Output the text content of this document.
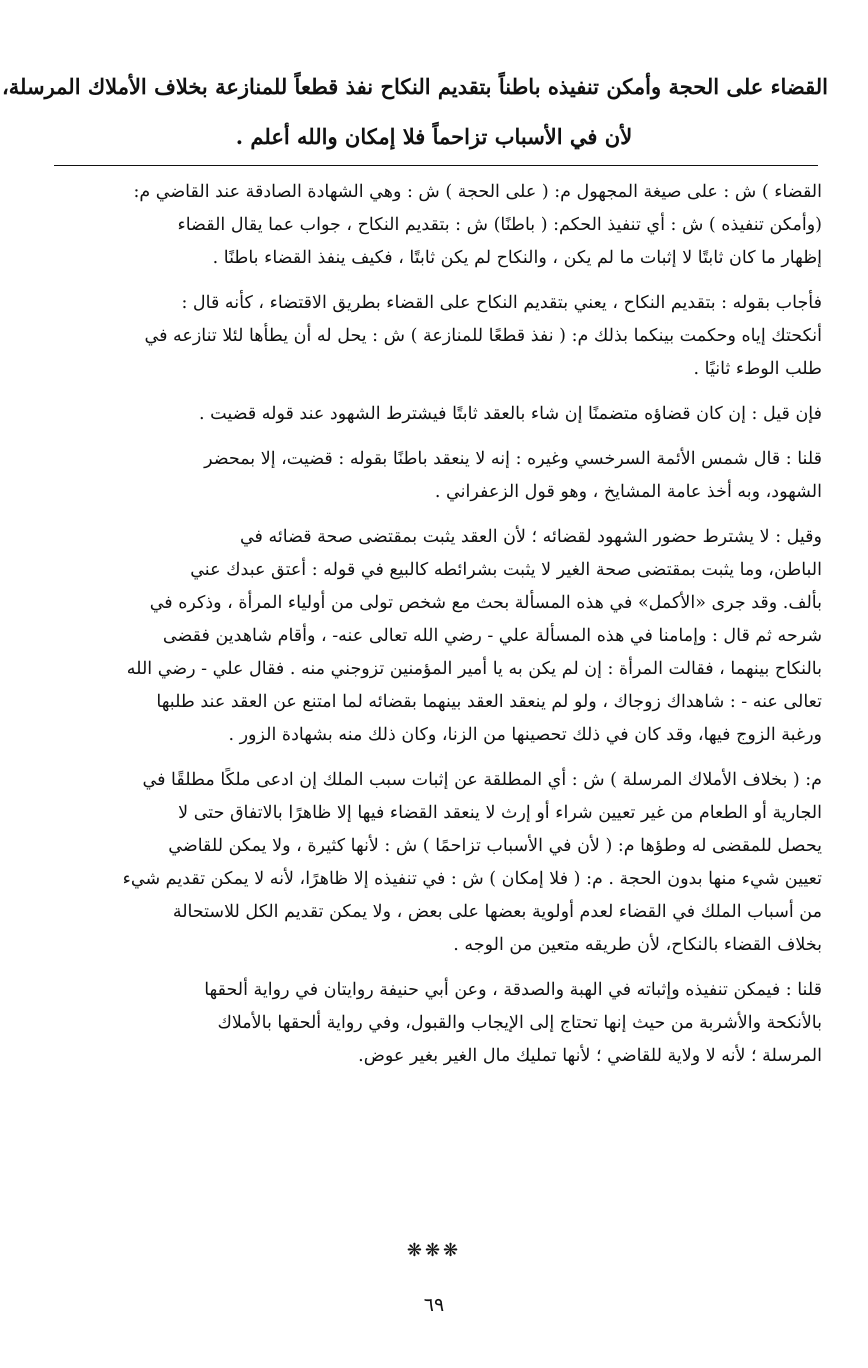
القضاء على الحجة وأمكن تنفيذه باطناً بتقديم النكاح نفذ قطعاً للمنازعة بخلاف الأملاك المرسلة،
لأن في الأسباب تزاحماً فلا إمكان والله أعلم .
القضاء ) ش : على صيغة المجهول م: ( على الحجة ) ش : وهي الشهادة الصادقة عند القاضي م:
(وأمكن تنفيذه ) ش : أي تنفيذ الحكم: ( باطنًا) ش : بتقديم النكاح ، جواب عما يقال القضاء
إظهار ما كان ثابتًا لا إثبات ما لم يكن ، والنكاح لم يكن ثابتًا ، فكيف ينفذ القضاء باطنًا .
فأجاب بقوله : بتقديم النكاح ، يعني بتقديم النكاح على القضاء بطريق الاقتضاء ، كأنه قال :
أنكحتك إياه وحكمت بينكما بذلك م: ( نفذ قطعًا للمنازعة ) ش : يحل له أن يطأها لئلا تنازعه في
طلب الوطء ثانيًا .
فإن قيل : إن كان قضاؤه متضمنًا إن شاء بالعقد ثابتًا فيشترط الشهود عند قوله قضيت .
قلنا : قال شمس الأئمة السرخسي وغيره : إنه لا ينعقد باطنًا بقوله : قضيت، إلا بمحضر
الشهود، وبه أخذ عامة المشايخ ، وهو قول الزعفراني .
وقيل : لا يشترط حضور الشهود لقضائه ؛ لأن العقد يثبت بمقتضى صحة قضائه في
الباطن، وما يثبت بمقتضى صحة الغير لا يثبت بشرائطه كالبيع في قوله : أعتق عبدك عني
بألف. وقد جرى «الأكمل» في هذه المسألة بحث مع شخص تولى من أولياء المرأة ، وذكره في
شرحه ثم قال : وإمامنا في هذه المسألة علي - رضي الله تعالى عنه- ، وأقام شاهدين فقضى
بالنكاح بينهما ، فقالت المرأة : إن لم يكن به يا أمير المؤمنين تزوجني منه . فقال علي - رضي الله
تعالى عنه - : شاهداك زوجاك ، ولو لم ينعقد العقد بينهما بقضائه لما امتنع عن العقد عند طلبها
ورغبة الزوج فيها، وقد كان في ذلك تحصينها من الزنا، وكان ذلك منه بشهادة الزور .
م: ( بخلاف الأملاك المرسلة ) ش : أي المطلقة عن إثبات سبب الملك إن ادعى ملكًا مطلقًا في
الجارية أو الطعام من غير تعيين شراء أو إرث لا ينعقد القضاء فيها إلا ظاهرًا بالاتفاق حتى لا
يحصل للمقضى له وطؤها م: ( لأن في الأسباب تزاحمًا ) ش : لأنها كثيرة ، ولا يمكن للقاضي
تعيين شيء منها بدون الحجة . م: ( فلا إمكان ) ش : في تنفيذه إلا ظاهرًا، لأنه لا يمكن تقديم شيء
من أسباب الملك في القضاء لعدم أولوية بعضها على بعض ، ولا يمكن تقديم الكل للاستحالة
بخلاف القضاء بالنكاح، لأن طريقه متعين من الوجه .
قلنا : فيمكن تنفيذه وإثباته في الهبة والصدقة ، وعن أبي حنيفة روايتان في رواية ألحقها
بالأنكحة والأشربة من حيث إنها تحتاج إلى الإيجاب والقبول، وفي رواية ألحقها بالأملاك
المرسلة ؛ لأنه لا ولاية للقاضي ؛ لأنها تمليك مال الغير بغير عوض.
❋❋❋
٦٩
